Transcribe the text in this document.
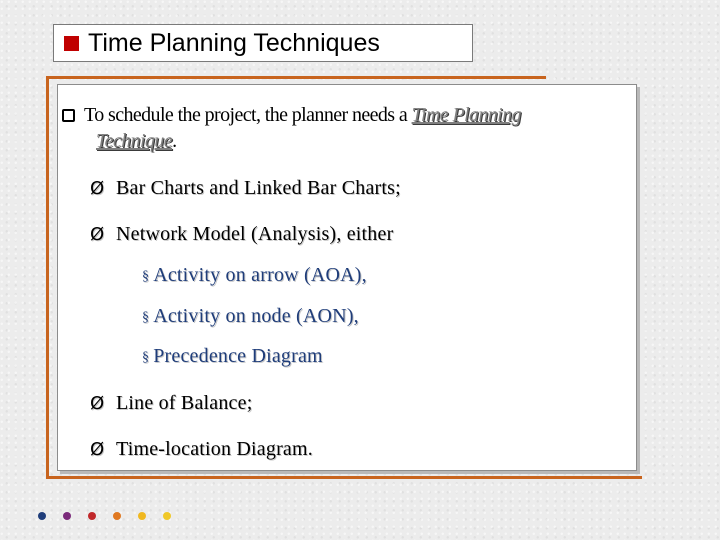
Time Planning Techniques
To schedule the project, the planner needs a Time Planning
Technique.
Ø Bar Charts and Linked Bar Charts;
Ø Network Model (Analysis), either
§ Activity on arrow (AOA),
§ Activity on node (AON),
§ Precedence Diagram
Ø Line of Balance;
Ø Time-location Diagram.
